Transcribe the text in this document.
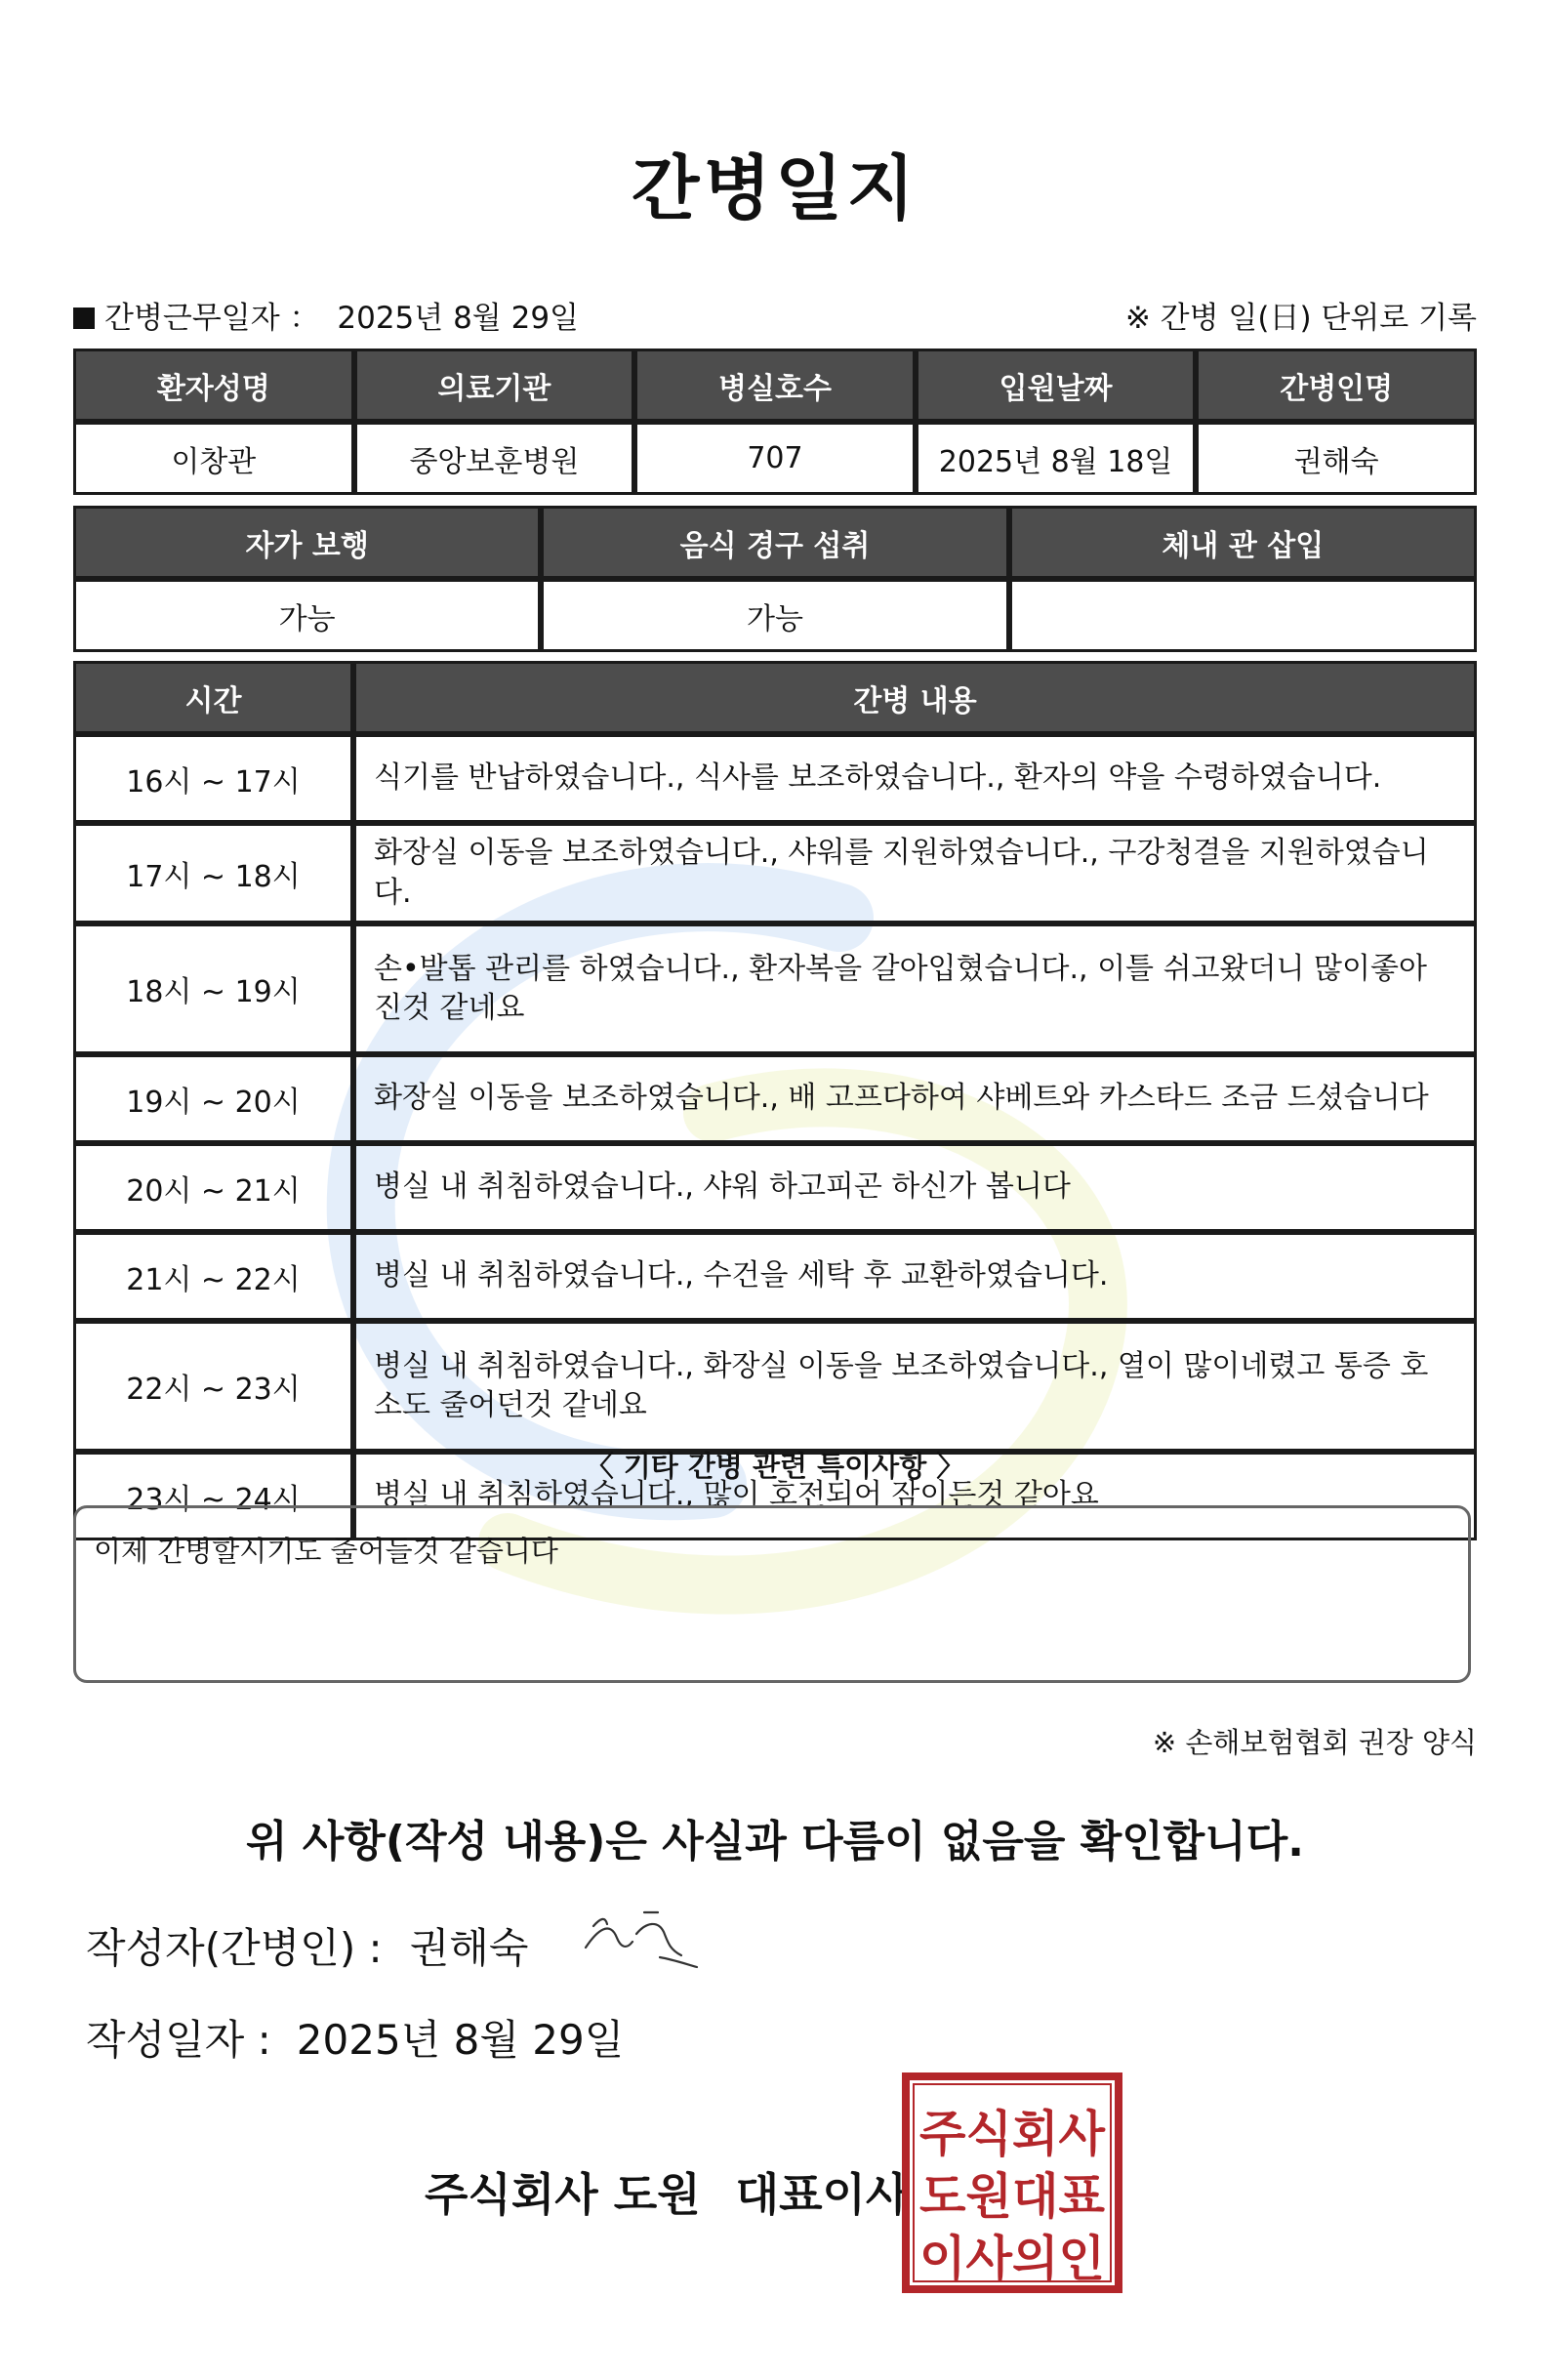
간병일지
간병근무일자 ： 2025년 8월 29일	※ 간병 일(日) 단위로 기록
환자성명	의료기관	병실호수	입원날짜	간병인명
이창관	중앙보훈병원	707	2025년 8월 18일	권해숙
자가 보행	음식 경구 섭취	체내 관 삽입
가능	가능	
시간	간병 내용
16시 ~ 17시	식기를 반납하였습니다., 식사를 보조하였습니다., 환자의 약을 수령하였습니다.
17시 ~ 18시	화장실 이동을 보조하였습니다., 샤워를 지원하였습니다., 구강청결을 지원하였습니다.
18시 ~ 19시	손•발톱 관리를 하였습니다., 환자복을 갈아입혔습니다., 이틀 쉬고왔더니 많이좋아 진것 같네요
19시 ~ 20시	화장실 이동을 보조하였습니다., 배 고프다하여 샤베트와 카스타드 조금 드셨습니다
20시 ~ 21시	병실 내 취침하였습니다., 샤워 하고피곤 하신가 봅니다
21시 ~ 22시	병실 내 취침하였습니다., 수건을 세탁 후 교환하였습니다.
22시 ~ 23시	병실 내 취침하였습니다., 화장실 이동을 보조하였습니다., 열이 많이네렸고 통증 호소도 줄어던것 같네요
23시 ~ 24시	병실 내 취침하였습니다., 많이 호전되어 잠이든것 같아요
〈 기타 간병 관련 특이사항 〉
이제 간병할시기도 줄어들것 같습니다
※ 손해보험협회 권장 양식
위 사항(작성 내용)은 사실과 다름이 없음을 확인합니다.
작성자(간병인) : 권해숙
작성일자 : 2025년 8월 29일
주식회사 도원 대표이사
주식회사
도원대표
이사의인
